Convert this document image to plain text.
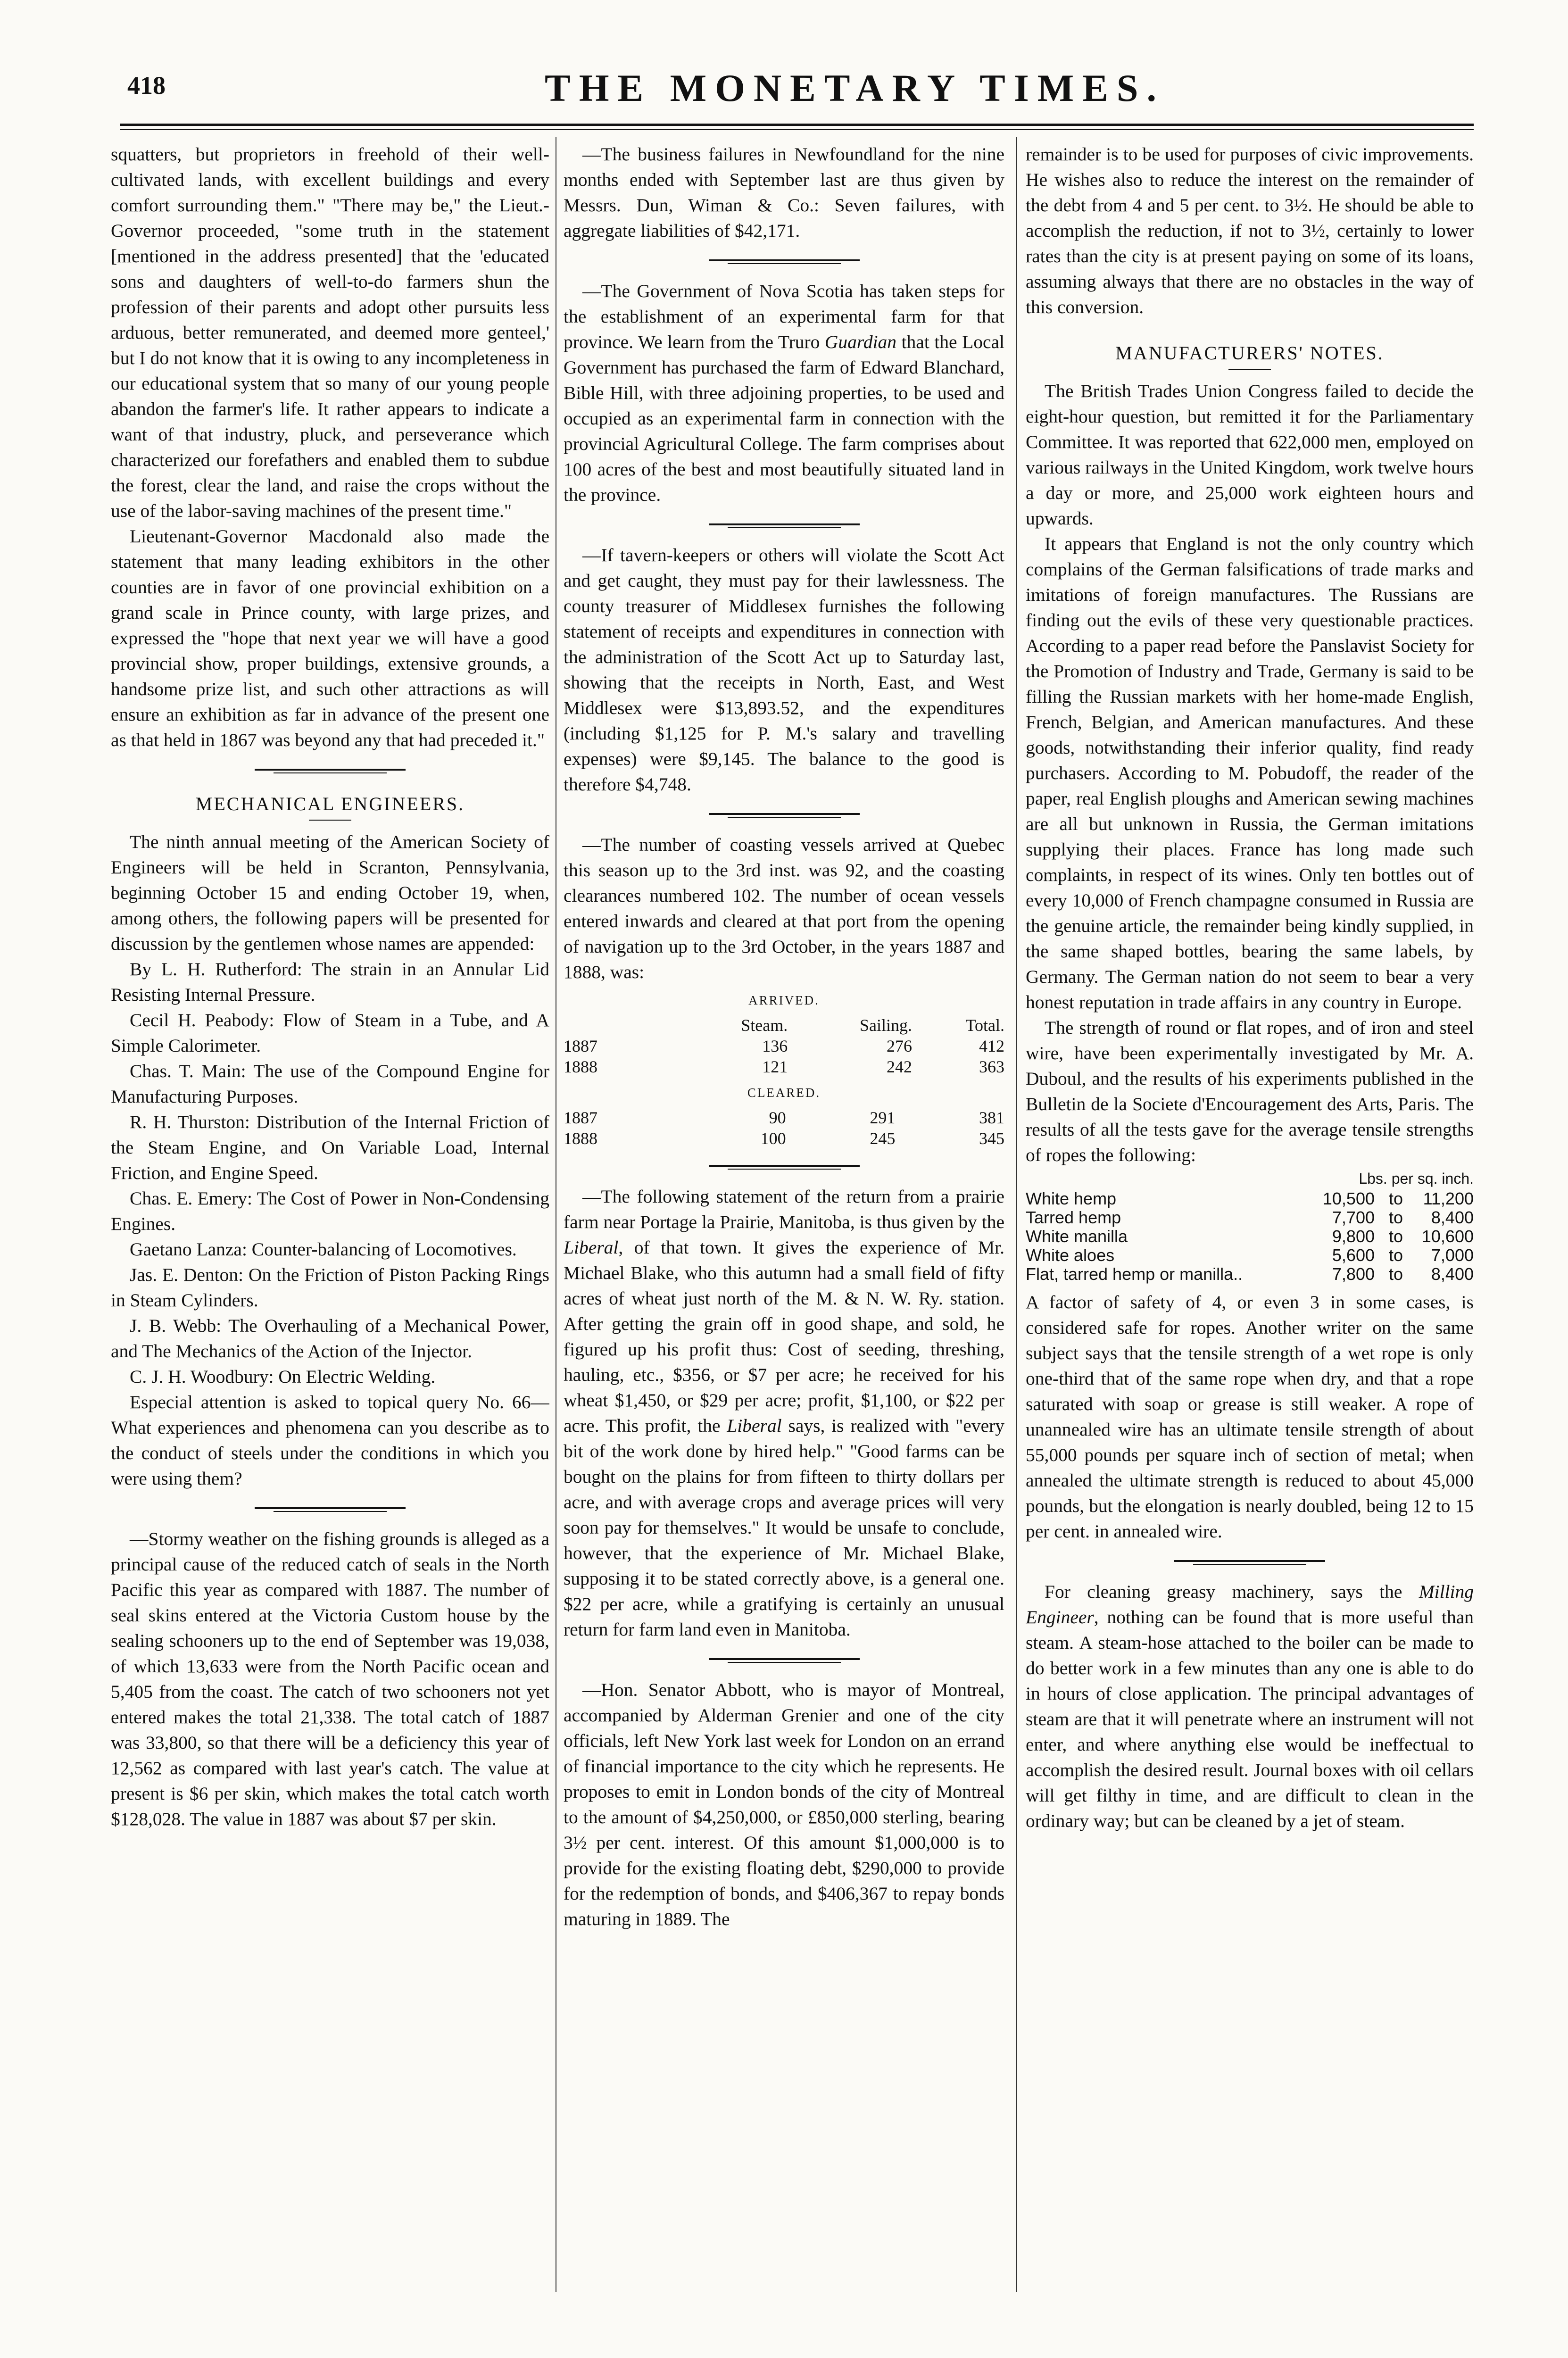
418	THE MONETARY TIMES.

squatters, but proprietors in freehold of their well-cultivated lands, with excellent buildings and every comfort surrounding them." "There may be," the Lieut.-Governor proceeded, "some truth in the statement [mentioned in the address presented] that the 'educated sons and daughters of well-to-do farmers shun the profession of their parents and adopt other pursuits less arduous, better remunerated, and deemed more genteel,' but I do not know that it is owing to any incompleteness in our educational system that so many of our young people abandon the farmer's life. It rather appears to indicate a want of that industry, pluck, and perseverance which characterized our forefathers and enabled them to subdue the forest, clear the land, and raise the crops without the use of the labor-saving machines of the present time."

Lieutenant-Governor Macdonald also made the statement that many leading exhibitors in the other counties are in favor of one provincial exhibition on a grand scale in Prince county, with large prizes, and expressed the "hope that next year we will have a good provincial show, proper buildings, extensive grounds, a handsome prize list, and such other attractions as will ensure an exhibition as far in advance of the present one as that held in 1867 was beyond any that had preceded it."

MECHANICAL ENGINEERS.

The ninth annual meeting of the American Society of Engineers will be held in Scranton, Pennsylvania, beginning October 15 and ending October 19, when, among others, the following papers will be presented for discussion by the gentlemen whose names are appended:

By L. H. Rutherford: The strain in an Annular Lid Resisting Internal Pressure.

Cecil H. Peabody: Flow of Steam in a Tube, and A Simple Calorimeter.

Chas. T. Main: The use of the Compound Engine for Manufacturing Purposes.

R. H. Thurston: Distribution of the Internal Friction of the Steam Engine, and On Variable Load, Internal Friction, and Engine Speed.

Chas. E. Emery: The Cost of Power in Non-Condensing Engines.

Gaetano Lanza: Counter-balancing of Locomotives.

Jas. E. Denton: On the Friction of Piston Packing Rings in Steam Cylinders.

J. B. Webb: The Overhauling of a Mechanical Power, and The Mechanics of the Action of the Injector.

C. J. H. Woodbury: On Electric Welding.

Especial attention is asked to topical query No. 66—What experiences and phenomena can you describe as to the conduct of steels under the conditions in which you were using them?

—Stormy weather on the fishing grounds is alleged as a principal cause of the reduced catch of seals in the North Pacific this year as compared with 1887. The number of seal skins entered at the Victoria Custom house by the sealing schooners up to the end of September was 19,038, of which 13,633 were from the North Pacific ocean and 5,405 from the coast. The catch of two schooners not yet entered makes the total 21,338. The total catch of 1887 was 33,800, so that there will be a deficiency this year of 12,562 as compared with last year's catch. The value at present is $6 per skin, which makes the total catch worth $128,028. The value in 1887 was about $7 per skin.

—The business failures in Newfoundland for the nine months ended with September last are thus given by Messrs. Dun, Wiman & Co.: Seven failures, with aggregate liabilities of $42,171.

—The Government of Nova Scotia has taken steps for the establishment of an experimental farm for that province. We learn from the Truro Guardian that the Local Government has purchased the farm of Edward Blanchard, Bible Hill, with three adjoining properties, to be used and occupied as an experimental farm in connection with the provincial Agricultural College. The farm comprises about 100 acres of the best and most beautifully situated land in the province.

—If tavern-keepers or others will violate the Scott Act and get caught, they must pay for their lawlessness. The county treasurer of Middlesex furnishes the following statement of receipts and expenditures in connection with the administration of the Scott Act up to Saturday last, showing that the receipts in North, East, and West Middlesex were $13,893.52, and the expenditures (including $1,125 for P. M.'s salary and travelling expenses) were $9,145. The balance to the good is therefore $4,748.

—The number of coasting vessels arrived at Quebec this season up to the 3rd inst. was 92, and the coasting clearances numbered 102. The number of ocean vessels entered inwards and cleared at that port from the opening of navigation up to the 3rd October, in the years 1887 and 1888, was:

ARRIVED.
	Steam.	Sailing.	Total.
1887	136	276	412
1888	121	242	363
CLEARED.
1887	90	291	381
1888	100	245	345

—The following statement of the return from a prairie farm near Portage la Prairie, Manitoba, is thus given by the Liberal, of that town. It gives the experience of Mr. Michael Blake, who this autumn had a small field of fifty acres of wheat just north of the M. & N. W. Ry. station. After getting the grain off in good shape, and sold, he figured up his profit thus: Cost of seeding, threshing, hauling, etc., $356, or $7 per acre; he received for his wheat $1,450, or $29 per acre; profit, $1,100, or $22 per acre. This profit, the Liberal says, is realized with "every bit of the work done by hired help." "Good farms can be bought on the plains for from fifteen to thirty dollars per acre, and with average crops and average prices will very soon pay for themselves." It would be unsafe to conclude, however, that the experience of Mr. Michael Blake, supposing it to be stated correctly above, is a general one. $22 per acre, while a gratifying is certainly an unusual return for farm land even in Manitoba.

—Hon. Senator Abbott, who is mayor of Montreal, accompanied by Alderman Grenier and one of the city officials, left New York last week for London on an errand of financial importance to the city which he represents. He proposes to emit in London bonds of the city of Montreal to the amount of $4,250,000, or £850,000 sterling, bearing 3½ per cent. interest. Of this amount $1,000,000 is to provide for the existing floating debt, $290,000 to provide for the redemption of bonds, and $406,367 to repay bonds maturing in 1889. The

remainder is to be used for purposes of civic improvements. He wishes also to reduce the interest on the remainder of the debt from 4 and 5 per cent. to 3½. He should be able to accomplish the reduction, if not to 3½, certainly to lower rates than the city is at present paying on some of its loans, assuming always that there are no obstacles in the way of this conversion.

MANUFACTURERS' NOTES.

The British Trades Union Congress failed to decide the eight-hour question, but remitted it for the Parliamentary Committee. It was reported that 622,000 men, employed on various railways in the United Kingdom, work twelve hours a day or more, and 25,000 work eighteen hours and upwards.

It appears that England is not the only country which complains of the German falsifications of trade marks and imitations of foreign manufactures. The Russians are finding out the evils of these very questionable practices. According to a paper read before the Panslavist Society for the Promotion of Industry and Trade, Germany is said to be filling the Russian markets with her home-made English, French, Belgian, and American manufactures. And these goods, notwithstanding their inferior quality, find ready purchasers. According to M. Pobudoff, the reader of the paper, real English ploughs and American sewing machines are all but unknown in Russia, the German imitations supplying their places. France has long made such complaints, in respect of its wines. Only ten bottles out of every 10,000 of French champagne consumed in Russia are the genuine article, the remainder being kindly supplied, in the same shaped bottles, bearing the same labels, by Germany. The German nation do not seem to bear a very honest reputation in trade affairs in any country in Europe.

The strength of round or flat ropes, and of iron and steel wire, have been experimentally investigated by Mr. A. Duboul, and the results of his experiments published in the Bulletin de la Societe d'Encouragement des Arts, Paris. The results of all the tests gave for the average tensile strengths of ropes the following:

Lbs. per sq. inch.
White hemp	10,500	to	11,200
Tarred hemp	7,700	to	8,400
White manilla	9,800	to	10,600
White aloes	5,600	to	7,000
Flat, tarred hemp or manilla..	7,800	to	8,400

A factor of safety of 4, or even 3 in some cases, is considered safe for ropes. Another writer on the same subject says that the tensile strength of a wet rope is only one-third that of the same rope when dry, and that a rope saturated with soap or grease is still weaker. A rope of unannealed wire has an ultimate tensile strength of about 55,000 pounds per square inch of section of metal; when annealed the ultimate strength is reduced to about 45,000 pounds, but the elongation is nearly doubled, being 12 to 15 per cent. in annealed wire.

For cleaning greasy machinery, says the Milling Engineer, nothing can be found that is more useful than steam. A steam-hose attached to the boiler can be made to do better work in a few minutes than any one is able to do in hours of close application. The principal advantages of steam are that it will penetrate where an instrument will not enter, and where anything else would be ineffectual to accomplish the desired result. Journal boxes with oil cellars will get filthy in time, and are difficult to clean in the ordinary way; but can be cleaned by a jet of steam.
